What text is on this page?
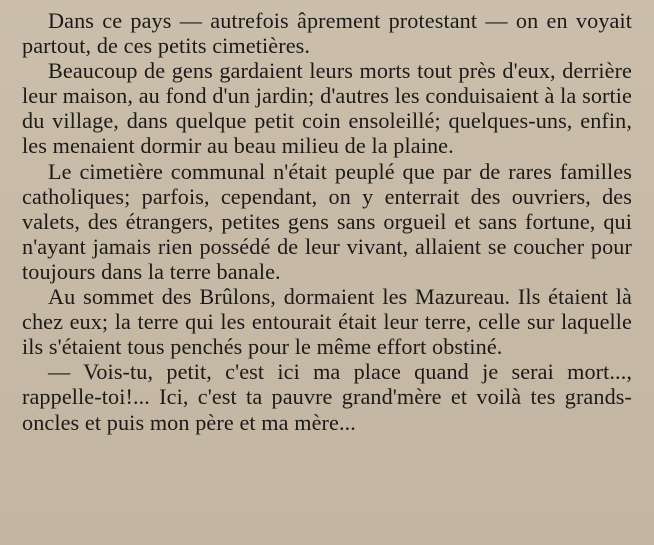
Dans ce pays — autrefois âprement protestant — on en voyait partout, de ces petits cimetières.

Beaucoup de gens gardaient leurs morts tout près d'eux, derrière leur maison, au fond d'un jardin; d'autres les conduisaient à la sortie du village, dans quelque petit coin ensoleillé; quelques-uns, enfin, les menaient dormir au beau milieu de la plaine.

Le cimetière communal n'était peuplé que par de rares familles catholiques; parfois, cependant, on y enterrait des ouvriers, des valets, des étrangers, petites gens sans orgueil et sans fortune, qui n'ayant jamais rien possédé de leur vivant, allaient se coucher pour toujours dans la terre banale.

Au sommet des Brûlons, dormaient les Mazureau. Ils étaient là chez eux; la terre qui les entourait était leur terre, celle sur laquelle ils s'étaient tous penchés pour le même effort obstiné.

— Vois-tu, petit, c'est ici ma place quand je serai mort..., rappelle-toi!... Ici, c'est ta pauvre grand'mère et voilà tes grands-oncles et puis mon père et ma mère...
